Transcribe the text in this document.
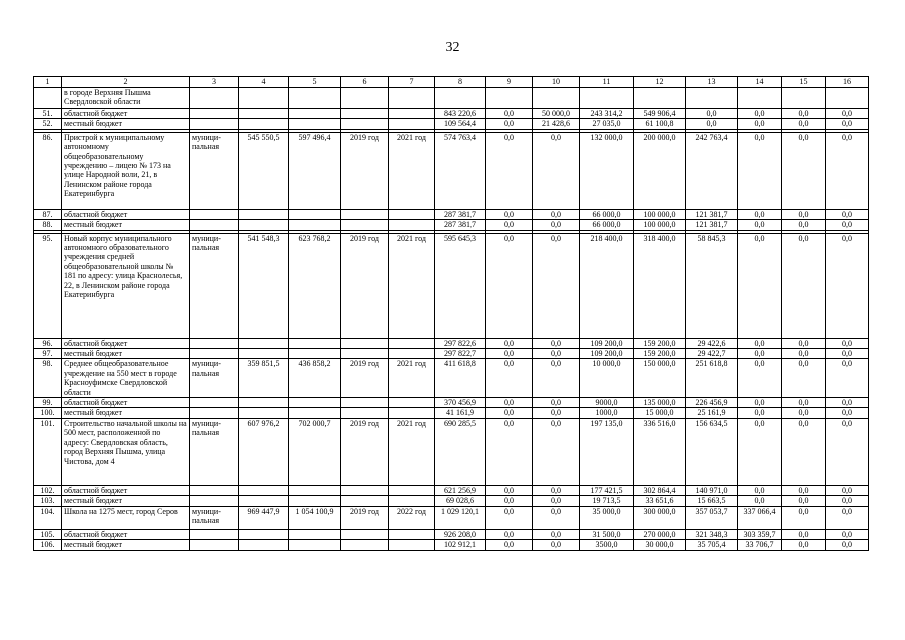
32
1	2	3	4	5	6	7	8	9	10	11	12	13	14	15	16
	в городе Верхняя Пышма Свердловской области														
51.	областной бюджет						843 220,6	0,0	50 000,0	243 314,2	549 906,4	0,0	0,0	0,0	0,0
52.	местный бюджет						109 564,4	0,0	21 428,6	27 035,0	61 100,8	0,0	0,0	0,0	0,0

86.	Пристрой к муниципальному автономному общеобразовательному учреждению – лицею № 173 на улице Народной воли, 21, в Ленинском районе города Екатеринбурга	муници-пальная	545 550,5	597 496,4	2019 год	2021 год	574 763,4	0,0	0,0	132 000,0	200 000,0	242 763,4	0,0	0,0	0,0
87.	областной бюджет						287 381,7	0,0	0,0	66 000,0	100 000,0	121 381,7	0,0	0,0	0,0
88.	местный бюджет						287 381,7	0,0	0,0	66 000,0	100 000,0	121 381,7	0,0	0,0	0,0

95.	Новый корпус муниципального автономного образовательного учреждения средней общеобразовательной школы № 181 по адресу: улица Краснолесья, 22, в Ленинском районе города Екатеринбурга	муници-пальная	541 548,3	623 768,2	2019 год	2021 год	595 645,3	0,0	0,0	218 400,0	318 400,0	58 845,3	0,0	0,0	0,0
96.	областной бюджет						297 822,6	0,0	0,0	109 200,0	159 200,0	29 422,6	0,0	0,0	0,0
97.	местный бюджет						297 822,7	0,0	0,0	109 200,0	159 200,0	29 422,7	0,0	0,0	0,0
98.	Среднее общеобразовательное учреждение на 550 мест в городе Красноуфимске Свердловской области	муници-пальная	359 851,5	436 858,2	2019 год	2021 год	411 618,8	0,0	0,0	10 000,0	150 000,0	251 618,8	0,0	0,0	0,0
99.	областной бюджет						370 456,9	0,0	0,0	9000,0	135 000,0	226 456,9	0,0	0,0	0,0
100.	местный бюджет						41 161,9	0,0	0,0	1000,0	15 000,0	25 161,9	0,0	0,0	0,0
101.	Строительство начальной школы на 500 мест, расположенной по адресу: Свердловская область, город Верхняя Пышма, улица Чистова, дом 4	муници-пальная	607 976,2	702 000,7	2019 год	2021 год	690 285,5	0,0	0,0	197 135,0	336 516,0	156 634,5	0,0	0,0	0,0
102.	областной бюджет						621 256,9	0,0	0,0	177 421,5	302 864,4	140 971,0	0,0	0,0	0,0
103.	местный бюджет						69 028,6	0,0	0,0	19 713,5	33 651,6	15 663,5	0,0	0,0	0,0
104.	Школа на 1275 мест, город Серов	муници-пальная	969 447,9	1 054 100,9	2019 год	2022 год	1 029 120,1	0,0	0,0	35 000,0	300 000,0	357 053,7	337 066,4	0,0	0,0
105.	областной бюджет						926 208,0	0,0	0,0	31 500,0	270 000,0	321 348,3	303 359,7	0,0	0,0
106.	местный бюджет						102 912,1	0,0	0,0	3500,0	30 000,0	35 705,4	33 706,7	0,0	0,0
